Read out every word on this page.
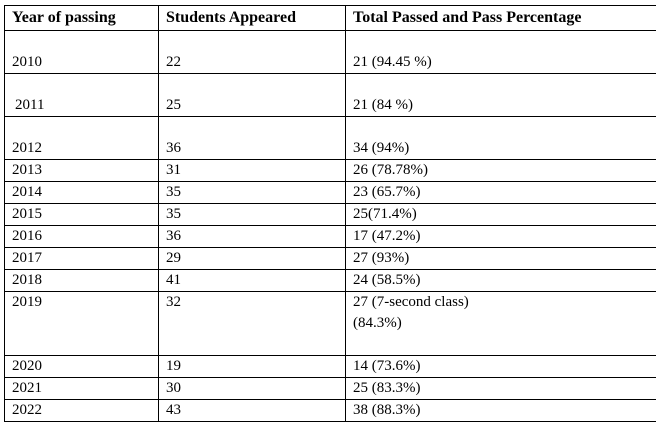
Year of passing	Students Appeared	Total Passed and Pass Percentage
2010	22	21 (94.45 %)
2011	25	21 (84 %)
2012	36	34 (94%)
2013	31	26 (78.78%)
2014	35	23 (65.7%)
2015	35	25(71.4%)
2016	36	17 (47.2%)
2017	29	27 (93%)
2018	41	24 (58.5%)
2019	32	27 (7-second class)
(84.3%)

2020	19	14 (73.6%)
2021	30	25 (83.3%)
2022	43	38 (88.3%)
